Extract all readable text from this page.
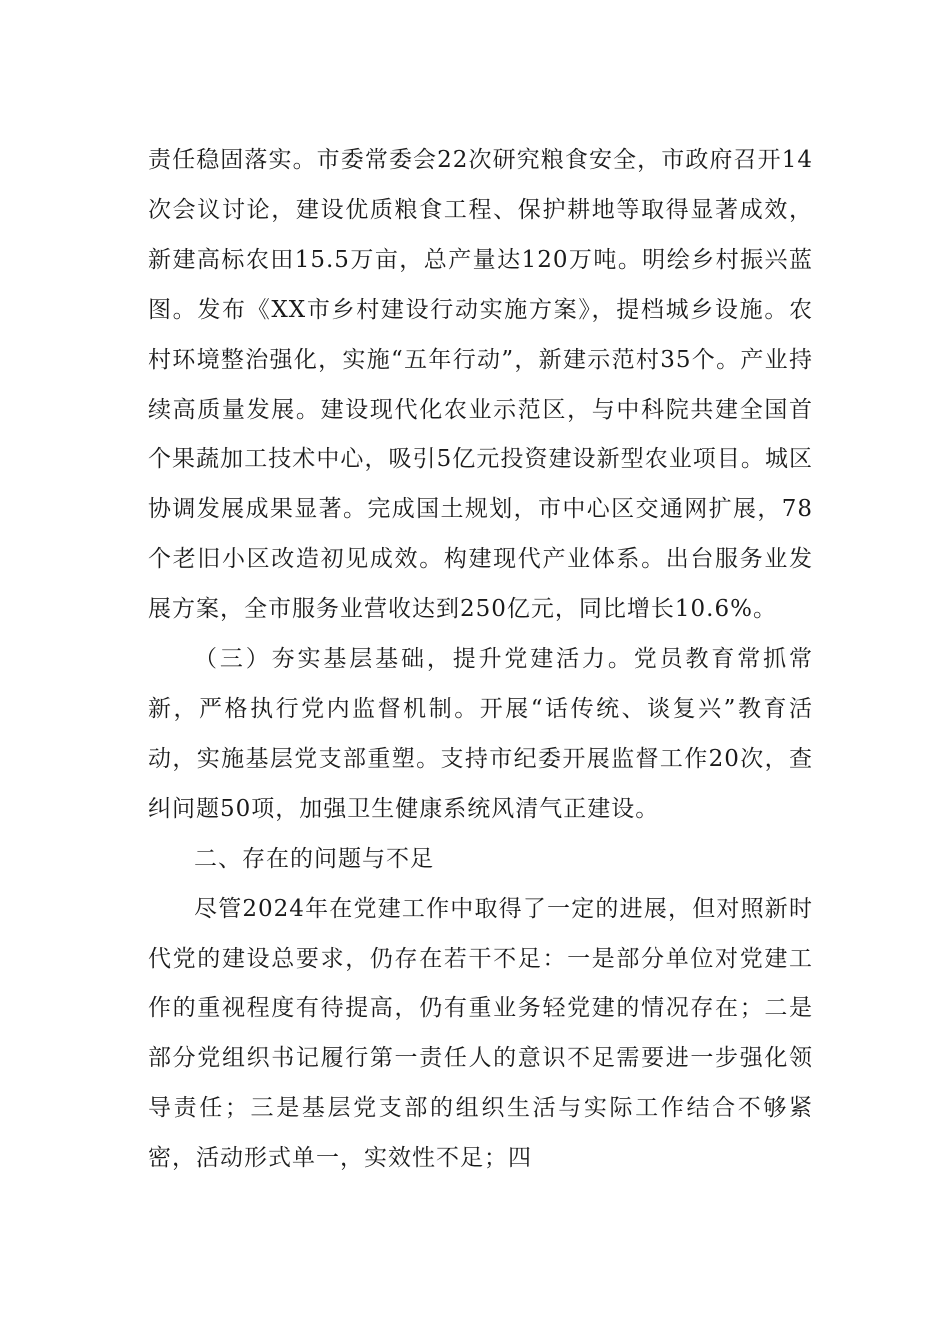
责任稳固落实。市委常委会22次研究粮食安全，市政府召开14次会议讨论，建设优质粮食工程、保护耕地等取得显著成效，新建高标农田15.5万亩，总产量达120万吨。明绘乡村振兴蓝图。发布《XX市乡村建设行动实施方案》，提档城乡设施。农村环境整治强化，实施“五年行动”，新建示范村35个。产业持续高质量发展。建设现代化农业示范区，与中科院共建全国首个果蔬加工技术中心，吸引5亿元投资建设新型农业项目。城区协调发展成果显著。完成国土规划，市中心区交通网扩展，78个老旧小区改造初见成效。构建现代产业体系。出台服务业发展方案，全市服务业营收达到250亿元，同比增长10.6%。

（三）夯实基层基础，提升党建活力。党员教育常抓常新，严格执行党内监督机制。开展“话传统、谈复兴”教育活动，实施基层党支部重塑。支持市纪委开展监督工作20次，查纠问题50项，加强卫生健康系统风清气正建设。

二、存在的问题与不足

尽管2024年在党建工作中取得了一定的进展，但对照新时代党的建设总要求，仍存在若干不足：一是部分单位对党建工作的重视程度有待提高，仍有重业务轻党建的情况存在；二是部分党组织书记履行第一责任人的意识不足需要进一步强化领导责任；三是基层党支部的组织生活与实际工作结合不够紧密，活动形式单一，实效性不足；四
